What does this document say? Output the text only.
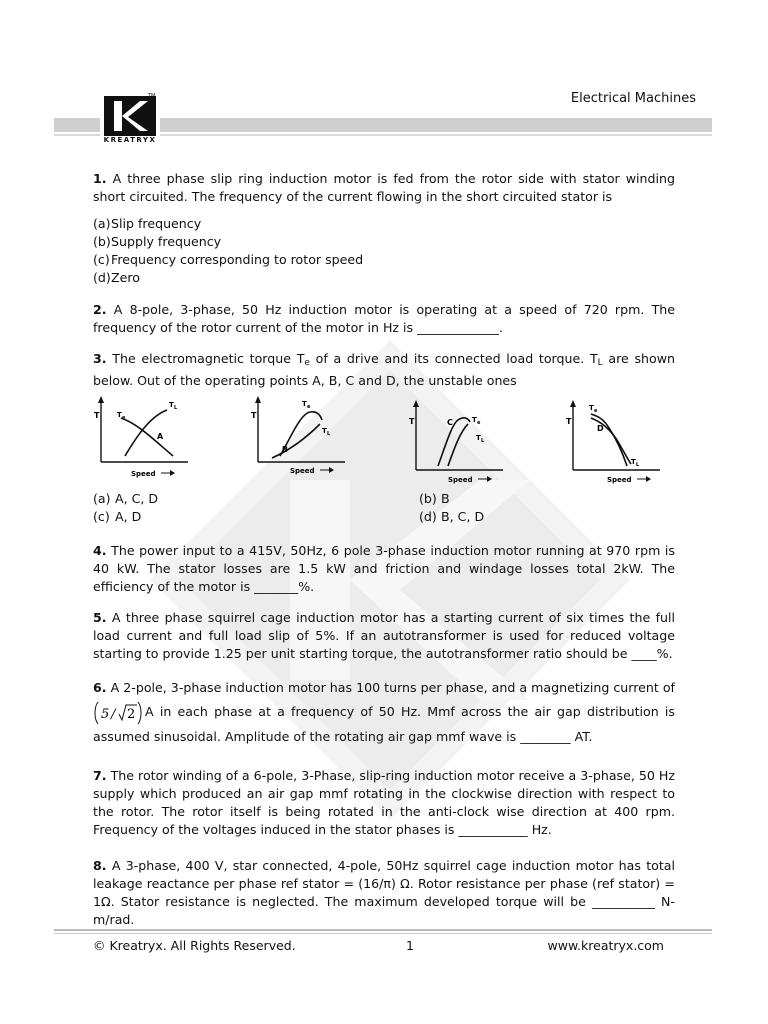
KREATRYX
TM	Electrical Machines

1. A three phase slip ring induction motor is fed from the rotor side with stator winding short circuited. The frequency of the current flowing in the short circuited stator is

(a) Slip frequency
(b) Supply frequency
(c) Frequency corresponding to rotor speed
(d) Zero

2. A 8-pole, 3-phase, 50 Hz induction motor is operating at a speed of 720 rpm. The frequency of the rotor current of the motor in Hz is _____________.

3. The electromagnetic torque $T_e$ of a drive and its connected load torque. $T_L$ are shown below. Out of the operating points A, B, C and D, the unstable ones

T	T e
T L
A
Speed
T
T e
T L
B
Speed
T	T e
T L
C
Speed
T
T e
T L
D
Speed
(a) A, C, D	(b) B
(c) A, D	(d) B, C, D

4. The power input to a 415V, 50Hz, 6 pole 3-phase induction motor running at 970 rpm is 40 kW. The stator losses are 1.5 kW and friction and windage losses total 2kW. The efficiency of the motor is _______%.

5. A three phase squirrel cage induction motor has a starting current of six times the full load current and full load slip of 5%. If an autotransformer is used for reduced voltage starting to provide 1.25 per unit starting torque, the autotransformer ratio should be ____%.

6. A 2-pole, 3-phase induction motor has 100 turns per phase, and a magnetizing current of
5 / 2 A in each phase at a frequency of 50 Hz. Mmf across the air gap distribution is assumed sinusoidal. Amplitude of the rotating air gap mmf wave is ________ AT.

7. The rotor winding of a 6-pole, 3-Phase, slip-ring induction motor receive a 3-phase, 50 Hz supply which produced an air gap mmf rotating in the clockwise direction with respect to the rotor. The rotor itself is being rotated in the anti-clock wise direction at 400 rpm. Frequency of the voltages induced in the stator phases is ___________ Hz.

8. A 3-phase, 400 V, star connected, 4-pole, 50Hz squirrel cage induction motor has total leakage reactance per phase ref stator = (16/π) Ω. Rotor resistance per phase (ref stator) = 1Ω. Stator resistance is neglected. The maximum developed torque will be __________ N-m/rad.

© Kreatryx. All Rights Reserved.	1	www.kreatryx.com
